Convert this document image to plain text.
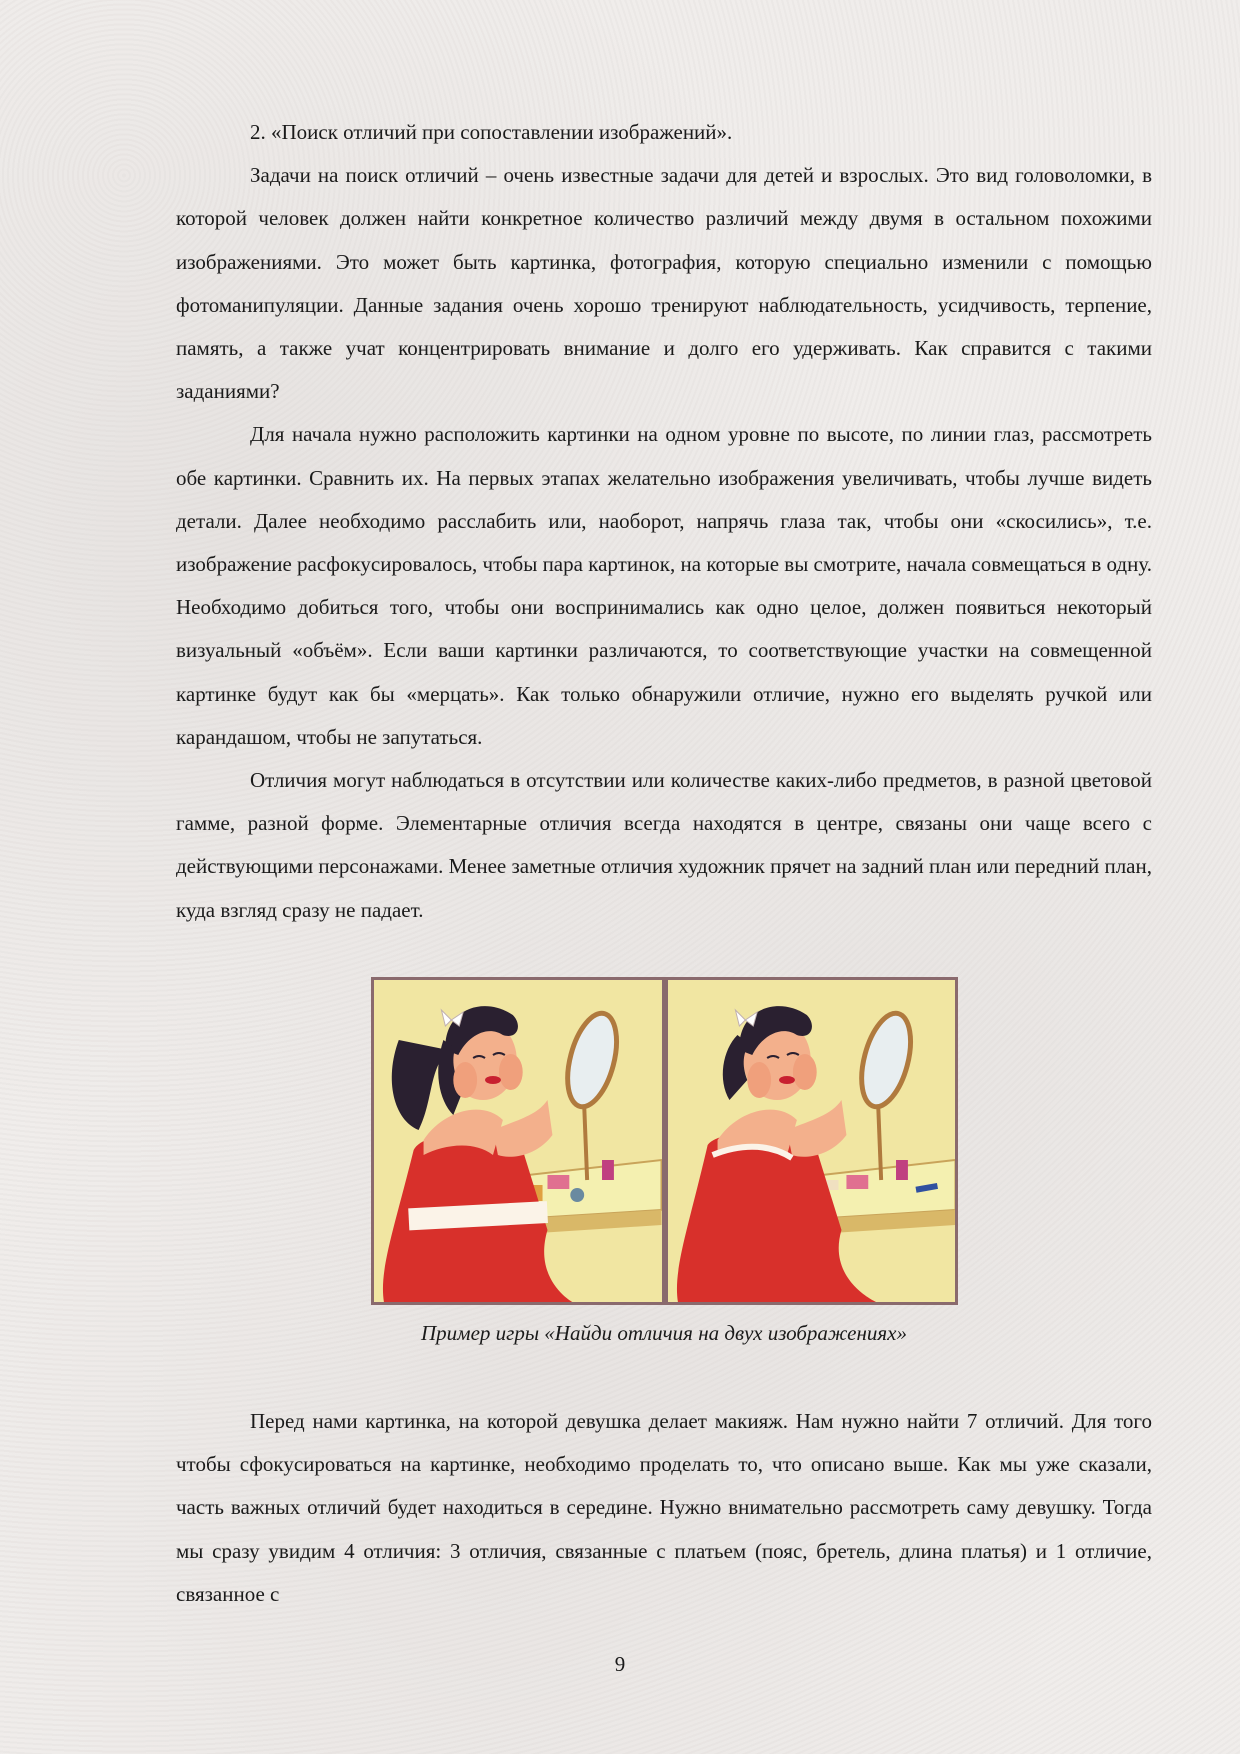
2. «Поиск отличий при сопоставлении изображений».

Задачи на поиск отличий – очень известные задачи для детей и взрослых. Это вид головоломки, в которой человек должен найти конкретное количество различий между двумя в остальном похожими изображениями. Это может быть картинка, фотография, которую специально изменили с помощью фотоманипуляции. Данные задания очень хорошо тренируют наблюдательность, усидчивость, терпение, память, а также учат концентрировать внимание и долго его удерживать. Как справится с такими заданиями?

Для начала нужно расположить картинки на одном уровне по высоте, по линии глаз, рассмотреть обе картинки. Сравнить их. На первых этапах желательно изображения увеличивать, чтобы лучше видеть детали. Далее необходимо расслабить или, наоборот, напрячь глаза так, чтобы они «скосились», т.е. изображение расфокусировалось, чтобы пара картинок, на которые вы смотрите, начала совмещаться в одну. Необходимо добиться того, чтобы они воспринимались как одно целое, должен появиться некоторый визуальный «объём». Если ваши картинки различаются, то соответствующие участки на совмещенной картинке будут как бы «мерцать». Как только обнаружили отличие, нужно его выделять ручкой или карандашом, чтобы не запутаться.

Отличия могут наблюдаться в отсутствии или количестве каких-либо предметов, в разной цветовой гамме, разной форме. Элементарные отличия всегда находятся в центре, связаны они чаще всего с действующими персонажами. Менее заметные отличия художник прячет на задний план или передний план, куда взгляд сразу не падает.

Пример игры «Найди отличия на двух изображениях»

Перед нами картинка, на которой девушка делает макияж. Нам нужно найти 7 отличий. Для того чтобы сфокусироваться на картинке, необходимо проделать то, что описано выше. Как мы уже сказали, часть важных отличий будет находиться в середине. Нужно внимательно рассмотреть саму девушку. Тогда мы сразу увидим 4 отличия: 3 отличия, связанные с платьем (пояс, бретель, длина платья) и 1 отличие, связанное с

9
